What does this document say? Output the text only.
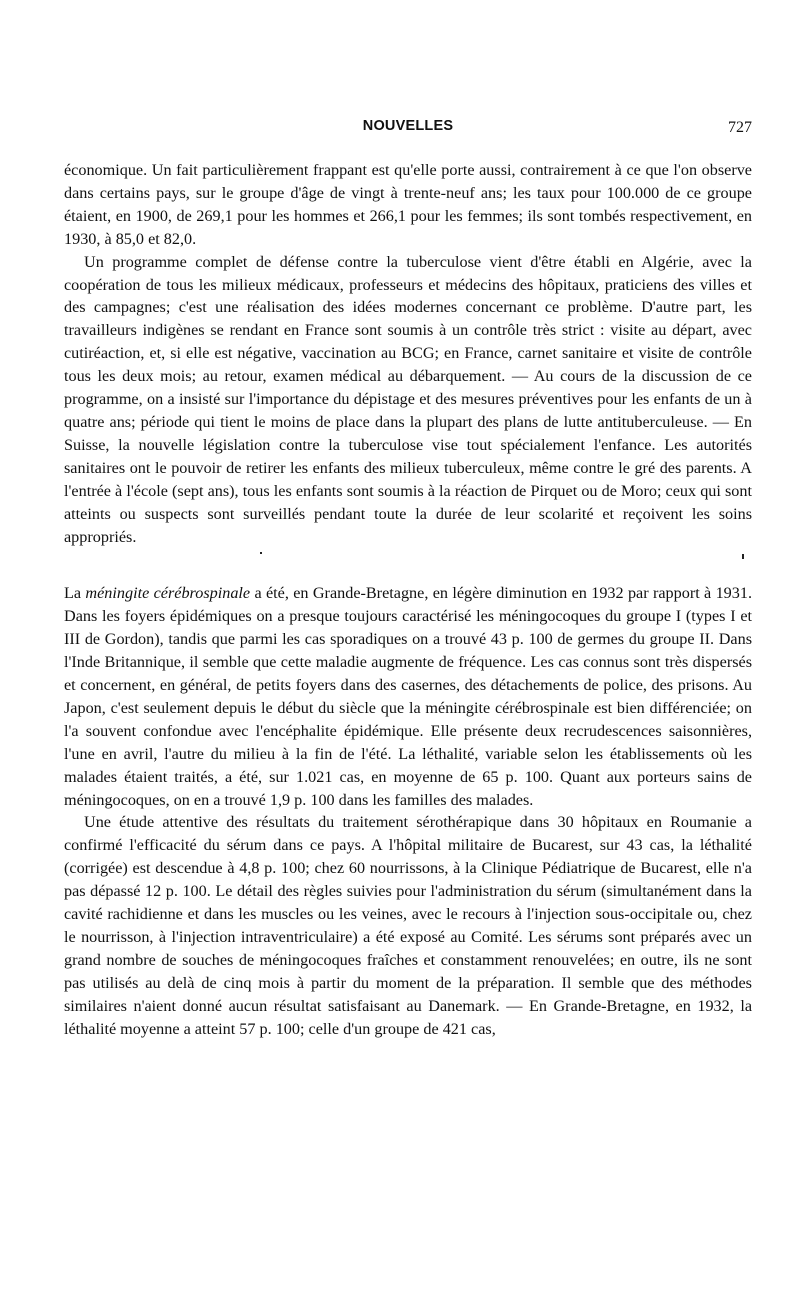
NOUVELLES	727

économique. Un fait particulièrement frappant est qu'elle porte aussi, contrairement à ce que l'on observe dans certains pays, sur le groupe d'âge de vingt à trente-neuf ans; les taux pour 100.000 de ce groupe étaient, en 1900, de 269,1 pour les hommes et 266,1 pour les femmes; ils sont tombés respectivement, en 1930, à 85,0 et 82,0.

Un programme complet de défense contre la tuberculose vient d'être établi en Algérie, avec la coopération de tous les milieux médicaux, professeurs et médecins des hôpitaux, praticiens des villes et des campagnes; c'est une réalisation des idées modernes concernant ce problème. D'autre part, les travailleurs indigènes se rendant en France sont soumis à un contrôle très strict : visite au départ, avec cutiréaction, et, si elle est négative, vaccination au BCG; en France, carnet sanitaire et visite de contrôle tous les deux mois; au retour, examen médical au débarquement. — Au cours de la discussion de ce programme, on a insisté sur l'importance du dépistage et des mesures préventives pour les enfants de un à quatre ans; période qui tient le moins de place dans la plupart des plans de lutte antituberculeuse. — En Suisse, la nouvelle législation contre la tuberculose vise tout spécialement l'enfance. Les autorités sanitaires ont le pouvoir de retirer les enfants des milieux tuberculeux, même contre le gré des parents. A l'entrée à l'école (sept ans), tous les enfants sont soumis à la réaction de Pirquet ou de Moro; ceux qui sont atteints ou suspects sont surveillés pendant toute la durée de leur scolarité et reçoivent les soins appropriés.

La méningite cérébrospinale a été, en Grande-Bretagne, en légère diminution en 1932 par rapport à 1931. Dans les foyers épidémiques on a presque toujours caractérisé les méningocoques du groupe I (types I et III de Gordon), tandis que parmi les cas sporadiques on a trouvé 43 p. 100 de germes du groupe II. Dans l'Inde Britannique, il semble que cette maladie augmente de fréquence. Les cas connus sont très dispersés et concernent, en général, de petits foyers dans des casernes, des détachements de police, des prisons. Au Japon, c'est seulement depuis le début du siècle que la méningite cérébrospinale est bien différenciée; on l'a souvent confondue avec l'encéphalite épidémique. Elle présente deux recrudescences saisonnières, l'une en avril, l'autre du milieu à la fin de l'été. La léthalité, variable selon les établissements où les malades étaient traités, a été, sur 1.021 cas, en moyenne de 65 p. 100. Quant aux porteurs sains de méningocoques, on en a trouvé 1,9 p. 100 dans les familles des malades.

Une étude attentive des résultats du traitement sérothérapique dans 30 hôpitaux en Roumanie a confirmé l'efficacité du sérum dans ce pays. A l'hôpital militaire de Bucarest, sur 43 cas, la léthalité (corrigée) est descendue à 4,8 p. 100; chez 60 nourrissons, à la Clinique Pédiatrique de Bucarest, elle n'a pas dépassé 12 p. 100. Le détail des règles suivies pour l'administration du sérum (simultanément dans la cavité rachidienne et dans les muscles ou les veines, avec le recours à l'injection sous-occipitale ou, chez le nourrisson, à l'injection intraventriculaire) a été exposé au Comité. Les sérums sont préparés avec un grand nombre de souches de méningocoques fraîches et constamment renouvelées; en outre, ils ne sont pas utilisés au delà de cinq mois à partir du moment de la préparation. Il semble que des méthodes similaires n'aient donné aucun résultat satisfaisant au Danemark. — En Grande-Bretagne, en 1932, la léthalité moyenne a atteint 57 p. 100; celle d'un groupe de 421 cas,
